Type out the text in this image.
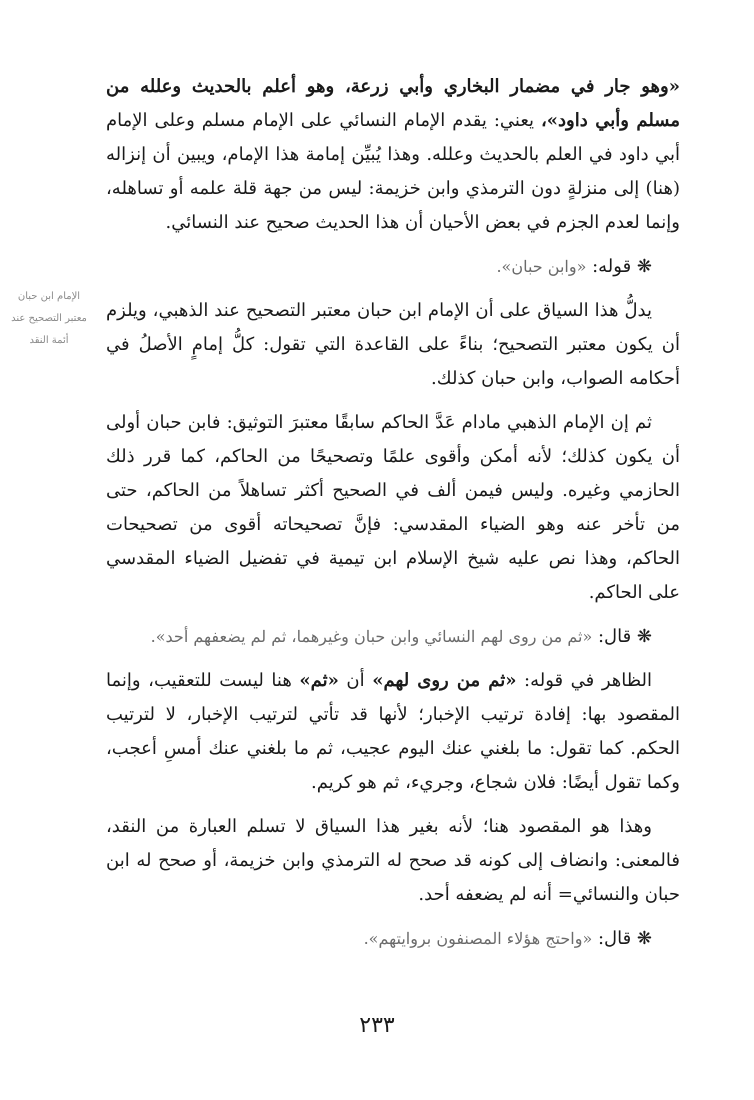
الإمام ابن حبان معتبر التصحيح عند أئمة النقد

«وهو جار في مضمار البخاري وأبي زرعة، وهو أعلم بالحديث وعلله من مسلم وأبي داود»، يعني: يقدم الإمام النسائي على الإمام مسلم وعلى الإمام أبي داود في العلم بالحديث وعلله. وهذا يُبيِّن إمامة هذا الإمام، ويبين أن إنزاله (هنا) إلى منزلةٍ دون الترمذي وابن خزيمة: ليس من جهة قلة علمه أو تساهله، وإنما لعدم الجزم في بعض الأحيان أن هذا الحديث صحيح عند النسائي.

❋ قوله: «وابن حبان».

يدلُّ هذا السياق على أن الإمام ابن حبان معتبر التصحيح عند الذهبي، ويلزم أن يكون معتبر التصحيح؛ بناءً على القاعدة التي تقول: كلُّ إمامٍ الأصلُ في أحكامه الصواب، وابن حبان كذلك.

ثم إن الإمام الذهبي مادام عَدَّ الحاكم سابقًا معتبرَ التوثيق: فابن حبان أولى أن يكون كذلك؛ لأنه أمكن وأقوى علمًا وتصحيحًا من الحاكم، كما قرر ذلك الحازمي وغيره. وليس فيمن ألف في الصحيح أكثر تساهلاً من الحاكم، حتى من تأخر عنه وهو الضياء المقدسي: فإنَّ تصحيحاته أقوى من تصحيحات الحاكم، وهذا نص عليه شيخ الإسلام ابن تيمية في تفضيل الضياء المقدسي على الحاكم.

❋ قال: «ثم من روى لهم النسائي وابن حبان وغيرهما، ثم لم يضعفهم أحد».

الظاهر في قوله: «ثم من روى لهم» أن «ثم» هنا ليست للتعقيب، وإنما المقصود بها: إفادة ترتيب الإخبار؛ لأنها قد تأتي لترتيب الإخبار، لا لترتيب الحكم. كما تقول: ما بلغني عنك اليوم عجيب، ثم ما بلغني عنك أمسِ أعجب، وكما تقول أيضًا: فلان شجاع، وجريء، ثم هو كريم.

وهذا هو المقصود هنا؛ لأنه بغير هذا السياق لا تسلم العبارة من النقد، فالمعنى: وانضاف إلى كونه قد صحح له الترمذي وابن خزيمة، أو صحح له ابن حبان والنسائي= أنه لم يضعفه أحد.

❋ قال: «واحتج هؤلاء المصنفون بروايتهم».

٢٣٣
